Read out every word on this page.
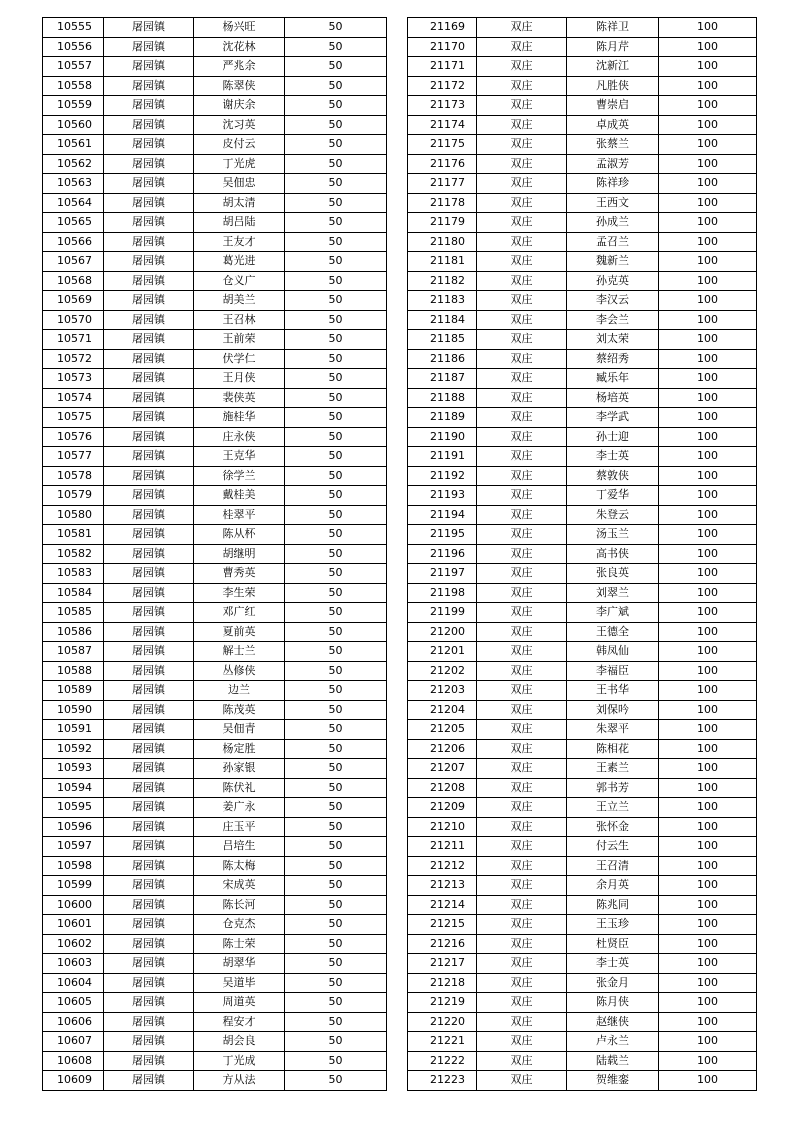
10555	屠园镇	杨兴旺	50
10556	屠园镇	沈花林	50
10557	屠园镇	严兆余	50
10558	屠园镇	陈翠侠	50
10559	屠园镇	谢庆余	50
10560	屠园镇	沈习英	50
10561	屠园镇	皮付云	50
10562	屠园镇	丁光虎	50
10563	屠园镇	吴佃忠	50
10564	屠园镇	胡太清	50
10565	屠园镇	胡吕陆	50
10566	屠园镇	王友才	50
10567	屠园镇	葛光进	50
10568	屠园镇	仓义广	50
10569	屠园镇	胡美兰	50
10570	屠园镇	王召林	50
10571	屠园镇	王前荣	50
10572	屠园镇	伏学仁	50
10573	屠园镇	王月侠	50
10574	屠园镇	裴侠英	50
10575	屠园镇	施桂华	50
10576	屠园镇	庄永侠	50
10577	屠园镇	王克华	50
10578	屠园镇	徐学兰	50
10579	屠园镇	戴桂美	50
10580	屠园镇	桂翠平	50
10581	屠园镇	陈从杯	50
10582	屠园镇	胡继明	50
10583	屠园镇	曹秀英	50
10584	屠园镇	李生荣	50
10585	屠园镇	邓广红	50
10586	屠园镇	夏前英	50
10587	屠园镇	解士兰	50
10588	屠园镇	丛修侠	50
10589	屠园镇	边兰	50
10590	屠园镇	陈茂英	50
10591	屠园镇	吴佃青	50
10592	屠园镇	杨定胜	50
10593	屠园镇	孙家银	50
10594	屠园镇	陈伏礼	50
10595	屠园镇	姜广永	50
10596	屠园镇	庄玉平	50
10597	屠园镇	吕培生	50
10598	屠园镇	陈太梅	50
10599	屠园镇	宋成英	50
10600	屠园镇	陈长河	50
10601	屠园镇	仓克杰	50
10602	屠园镇	陈士荣	50
10603	屠园镇	胡翠华	50
10604	屠园镇	吴道毕	50
10605	屠园镇	周道英	50
10606	屠园镇	程安才	50
10607	屠园镇	胡会良	50
10608	屠园镇	丁光成	50
10609	屠园镇	方从法	50
21169	双庄	陈祥卫	100
21170	双庄	陈月芹	100
21171	双庄	沈新江	100
21172	双庄	凡胜侠	100
21173	双庄	曹崇启	100
21174	双庄	卓成英	100
21175	双庄	张蔡兰	100
21176	双庄	孟淑芳	100
21177	双庄	陈祥珍	100
21178	双庄	王西文	100
21179	双庄	孙成兰	100
21180	双庄	孟召兰	100
21181	双庄	魏新兰	100
21182	双庄	孙克英	100
21183	双庄	李汉云	100
21184	双庄	李会兰	100
21185	双庄	刘太荣	100
21186	双庄	蔡绍秀	100
21187	双庄	臧乐年	100
21188	双庄	杨培英	100
21189	双庄	李学武	100
21190	双庄	孙士迎	100
21191	双庄	李士英	100
21192	双庄	蔡敦侠	100
21193	双庄	丁爱华	100
21194	双庄	朱登云	100
21195	双庄	汤玉兰	100
21196	双庄	高书侠	100
21197	双庄	张良英	100
21198	双庄	刘翠兰	100
21199	双庄	李广斌	100
21200	双庄	王德全	100
21201	双庄	韩凤仙	100
21202	双庄	李福臣	100
21203	双庄	王书华	100
21204	双庄	刘保吟	100
21205	双庄	朱翠平	100
21206	双庄	陈相花	100
21207	双庄	王素兰	100
21208	双庄	郭书芳	100
21209	双庄	王立兰	100
21210	双庄	张怀金	100
21211	双庄	付云生	100
21212	双庄	王召清	100
21213	双庄	余月英	100
21214	双庄	陈兆同	100
21215	双庄	王玉珍	100
21216	双庄	杜贤臣	100
21217	双庄	李士英	100
21218	双庄	张金月	100
21219	双庄	陈月侠	100
21220	双庄	赵继侠	100
21221	双庄	卢永兰	100
21222	双庄	陆载兰	100
21223	双庄	贺维銮	100
